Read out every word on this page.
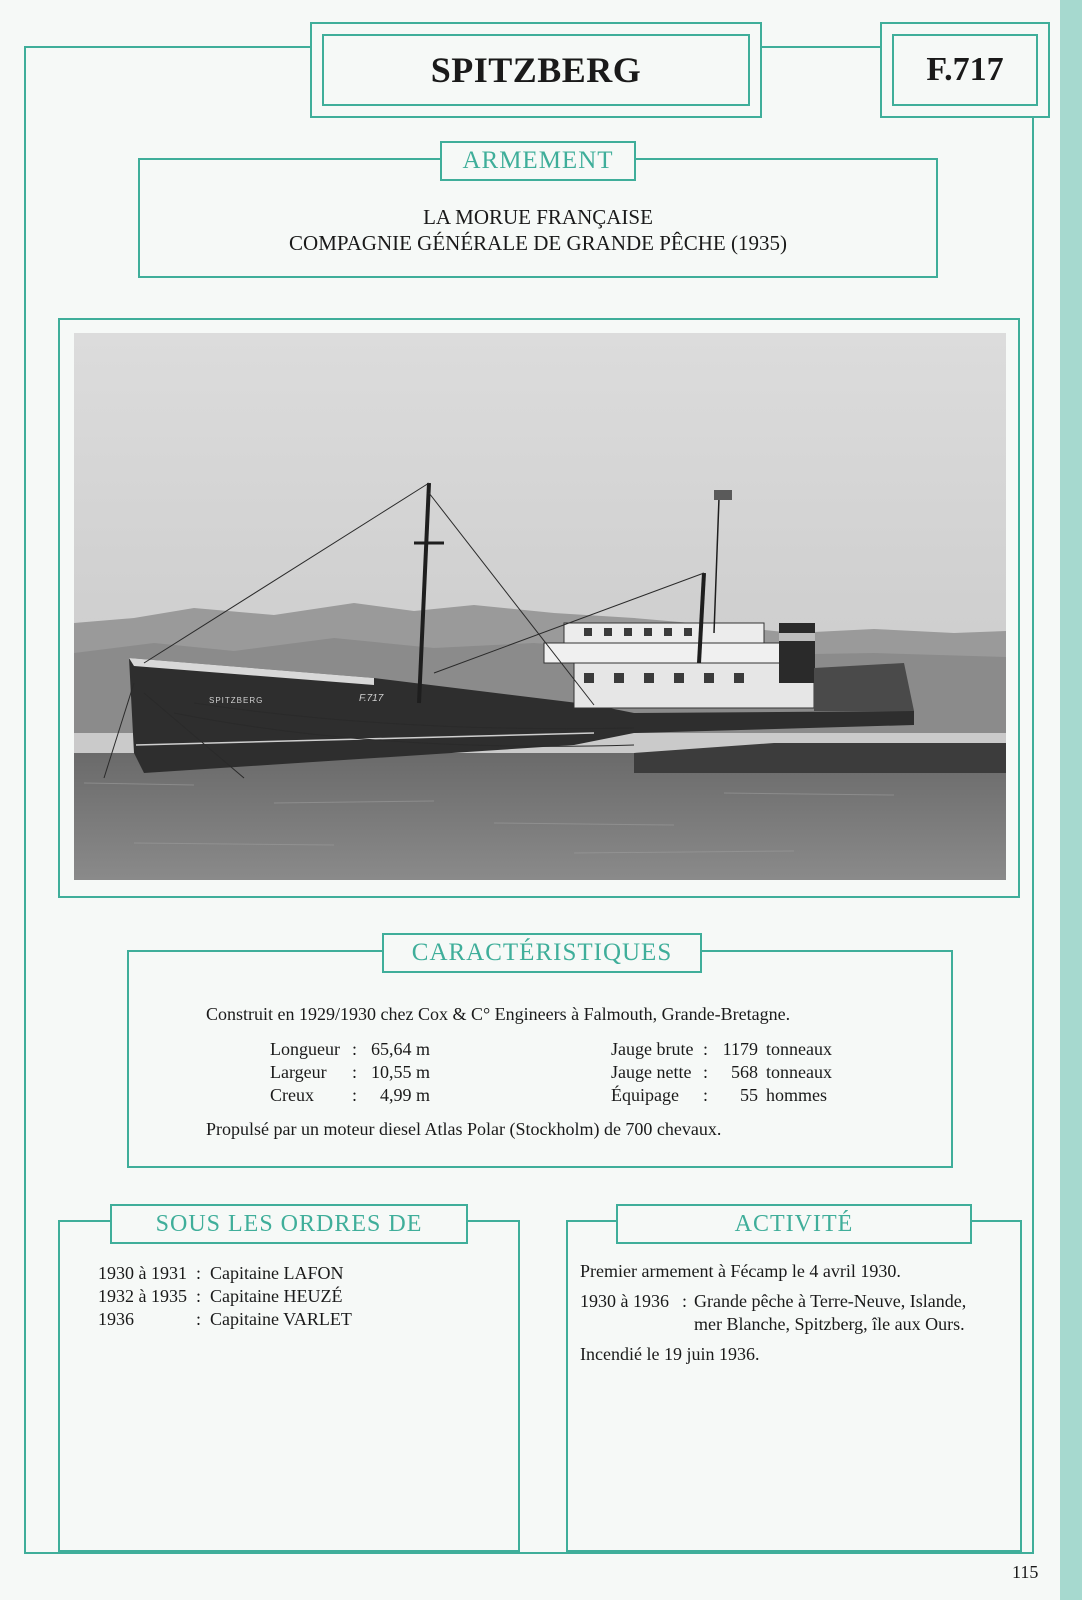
SPITZBERG	F.717
ARMEMENT
LA MORUE FRANÇAISE
COMPAGNIE GÉNÉRALE DE GRANDE PÊCHE (1935)
SPITZBERG	F.717
CARACTÉRISTIQUES
Construit en 1929/1930 chez Cox & C° Engineers à Falmouth, Grande-Bretagne.
Longueur
Largeur
Creux
:
:
:
65,64 m
10,55 m
4,99 m
Jauge brute
Jauge nette
Équipage
:
:
:
1179
568
55
tonneaux
tonneaux
hommes
Propulsé par un moteur diesel Atlas Polar (Stockholm) de 700 chevaux.
SOUS LES ORDRES DE
1930 à 1931
1932 à 1935
1936
:
:
:
Capitaine LAFON
Capitaine HEUZÉ
Capitaine VARLET
ACTIVITÉ
Premier armement à Fécamp le 4 avril 1930.
1930 à 1936 : Grande pêche à Terre-Neuve, Islande,
mer Blanche, Spitzberg, île aux Ours.
Incendié le 19 juin 1936.
115
